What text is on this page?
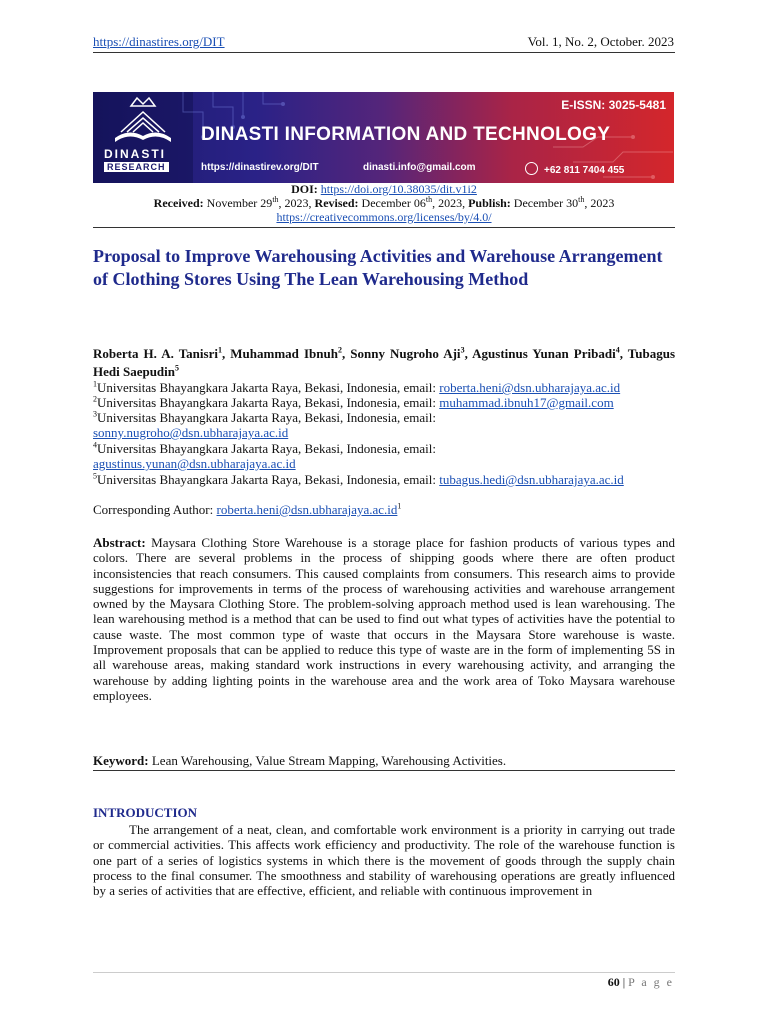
https://dinastires.org/DIT	Vol. 1, No. 2, October. 2023
DINASTI
RESEARCH
E-ISSN: 3025-5481
DINASTI INFORMATION AND TECHNOLOGY
https://dinastirev.org/DIT	dinasti.info@gmail.com	+62 811 7404 455
DOI: https://doi.org/10.38035/dit.v1i2
Received: November 29th, 2023, Revised: December 06th, 2023, Publish: December 30th, 2023
https://creativecommons.org/licenses/by/4.0/
Proposal to Improve Warehousing Activities and Warehouse Arrangement of Clothing Stores Using The Lean Warehousing Method
Roberta H. A. Tanisri$^1$, Muhammad Ibnuh$^2$, Sonny Nugroho Aji$^3$, Agustinus Yunan Pribadi$^4$, Tubagus Hedi Saepudin$^5$
$^1$Universitas Bhayangkara Jakarta Raya, Bekasi, Indonesia, email: roberta.heni@dsn.ubharajaya.ac.id
$^2$Universitas Bhayangkara Jakarta Raya, Bekasi, Indonesia, email: muhammad.ibnuh17@gmail.com
$^3$Universitas Bhayangkara Jakarta Raya, Bekasi, Indonesia, email:
sonny.nugroho@dsn.ubharajaya.ac.id
$^4$Universitas Bhayangkara Jakarta Raya, Bekasi, Indonesia, email:
agustinus.yunan@dsn.ubharajaya.ac.id
$^5$Universitas Bhayangkara Jakarta Raya, Bekasi, Indonesia, email: tubagus.hedi@dsn.ubharajaya.ac.id
Corresponding Author: $roberta.heni@dsn.ubharajaya.ac.id^1$
Abstract: Maysara Clothing Store Warehouse is a storage place for fashion products of various types and colors. There are several problems in the process of shipping goods where there are often product inconsistencies that reach consumers. This caused complaints from consumers. This research aims to provide suggestions for improvements in terms of the process of warehousing activities and warehouse arrangement owned by the Maysara Clothing Store. The problem-solving approach method used is lean warehousing. The lean warehousing method is a method that can be used to find out what types of activities have the potential to cause waste. The most common type of waste that occurs in the Maysara Store warehouse is waste. Improvement proposals that can be applied to reduce this type of waste are in the form of implementing 5S in all warehouse areas, making standard work instructions in every warehousing activity, and arranging the warehouse by adding lighting points in the warehouse area and the work area of Toko Maysara warehouse employees.
Keyword: Lean Warehousing, Value Stream Mapping, Warehousing Activities.
INTRODUCTION
The arrangement of a neat, clean, and comfortable work environment is a priority in carrying out trade or commercial activities. This affects work efficiency and productivity. The role of the warehouse function is one part of a series of logistics systems in which there is the movement of goods through the supply chain process to the final consumer. The smoothness and stability of warehousing operations are greatly influenced by a series of activities that are effective, efficient, and reliable with continuous improvement in
60 | P a g e
